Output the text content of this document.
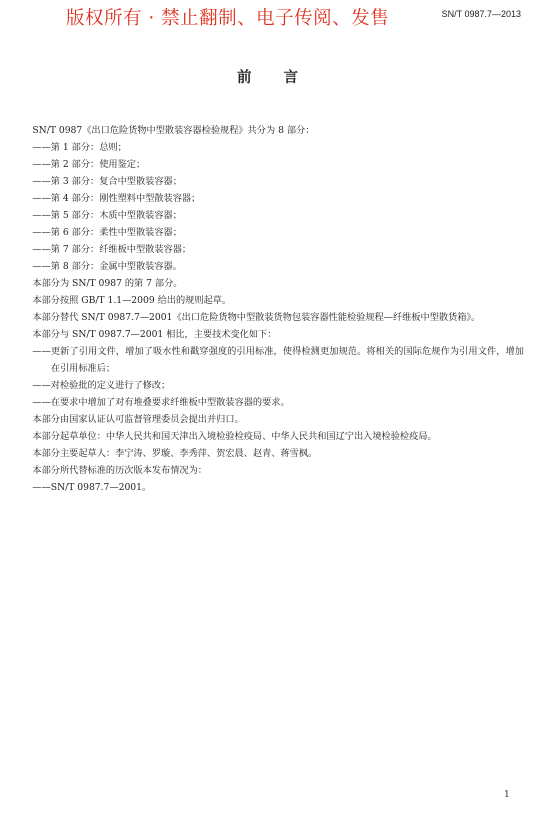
版权所有 · 禁止翻制、电子传阅、发售	SN/T 0987.7—2013
前言

SN/T 0987《出口危险货物中型散装容器检验规程》共分为 8 部分：

——第 1 部分：总则；

——第 2 部分：使用鉴定；

——第 3 部分：复合中型散装容器；

——第 4 部分：刚性塑料中型散装容器；

——第 5 部分：木质中型散装容器；

——第 6 部分：柔性中型散装容器；

——第 7 部分：纤维板中型散装容器；

——第 8 部分：金属中型散装容器。

本部分为 SN/T 0987 的第 7 部分。

本部分按照 GB/T 1.1—2009 给出的规则起草。

本部分替代 SN/T 0987.7—2001《出口危险货物中型散装货物包装容器性能检验规程—纤维板中型散货箱》。

本部分与 SN/T 0987.7—2001 相比，主要技术变化如下：

——更新了引用文件，增加了吸水性和戳穿强度的引用标准，使得检测更加规范。将相关的国际危规作为引用文件，增加在引用标准后；

——对检验批的定义进行了修改；

——在要求中增加了对有堆叠要求纤维板中型散装容器的要求。

本部分由国家认证认可监督管理委员会提出并归口。

本部分起草单位：中华人民共和国天津出入境检验检疫局、中华人民共和国辽宁出入境检验检疫局。

本部分主要起草人：李宁涛、罗璇、李秀萍、贺宏晨、赵青、蒋雪枫。

本部分所代替标准的历次版本发布情况为：

——SN/T 0987.7—2001。

1
